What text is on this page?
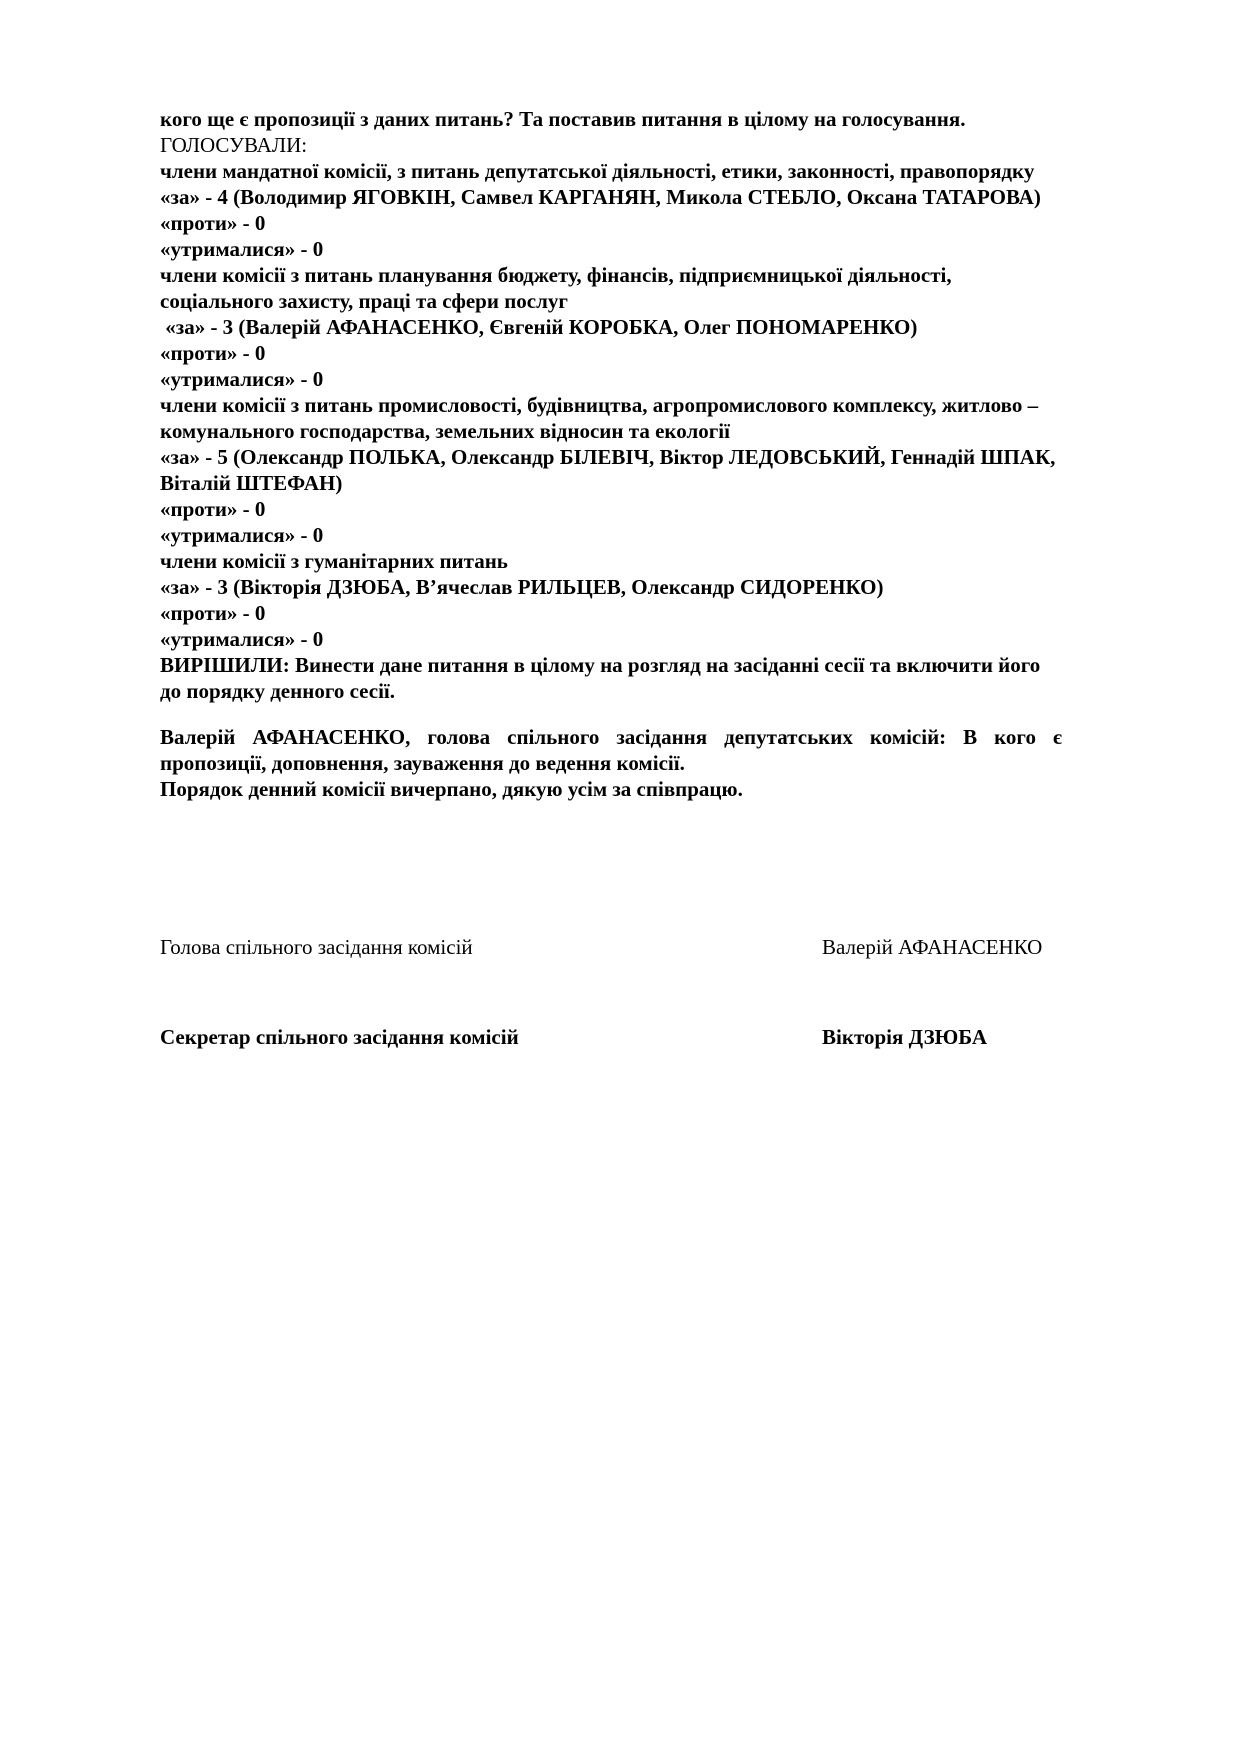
кого ще є пропозиції з даних питань? Та поставив питання в цілому на голосування.

ГОЛОСУВАЛИ:

члени мандатної комісії, з питань депутатської діяльності, етики, законності, правопорядку

«за» - 4 (Володимир ЯГОВКІН, Самвел КАРГАНЯН, Микола СТЕБЛО, Оксана ТАТАРОВА)

«проти» - 0

«утрималися» - 0

члени комісії з питань планування бюджету, фінансів, підприємницької діяльності, соціального захисту, праці та сфери послуг

«за» - 3 (Валерій АФАНАСЕНКО, Євгеній КОРОБКА, Олег ПОНОМАРЕНКО)

«проти» - 0

«утрималися» - 0

члени комісії з питань промисловості, будівництва, агропромислового комплексу, житлово – комунального господарства, земельних відносин та екології

«за» - 5 (Олександр ПОЛЬКА, Олександр БІЛЕВІЧ, Віктор ЛЕДОВСЬКИЙ, Геннадій ШПАК, Віталій ШТЕФАН)

«проти» - 0

«утрималися» - 0

члени комісії з гуманітарних питань

«за» - 3 (Вікторія ДЗЮБА, В’ячеслав РИЛЬЦЕВ, Олександр СИДОРЕНКО)

«проти» - 0

«утрималися» - 0

ВИРІШИЛИ: Винести дане питання в цілому на розгляд на засіданні сесії та включити його до порядку денного сесії.

Валерій АФАНАСЕНКО, голова спільного засідання депутатських комісій: В кого є пропозиції, доповнення, зауваження до ведення комісії.

Порядок денний комісії вичерпано, дякую усім за співпрацю.

Голова спільного засідання комісій	Валерій АФАНАСЕНКО
Секретар спільного засідання комісій	Вікторія ДЗЮБА
